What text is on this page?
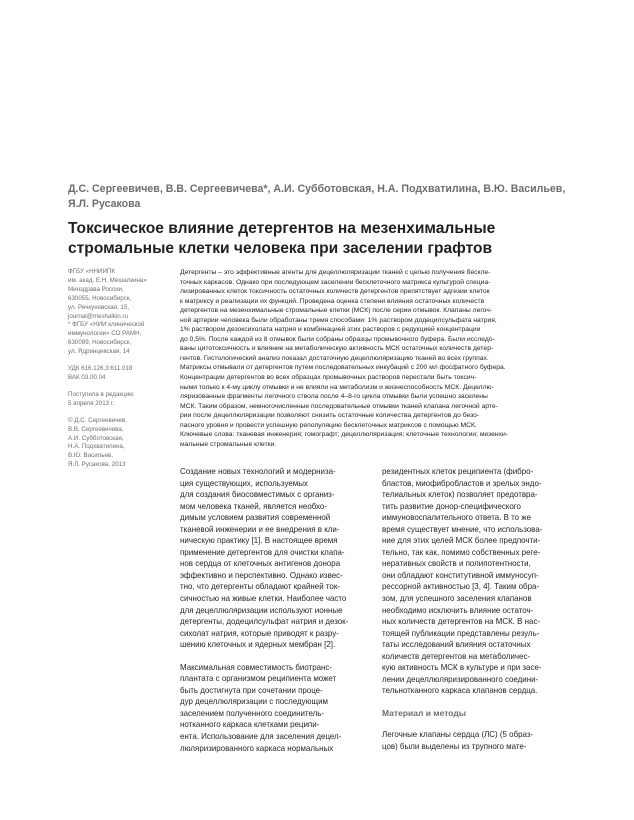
Д.С. Сергеевичев, В.В. Сергеевичева*, А.И. Субботовская, Н.А. Подхватилина, В.Ю. Васильев, Я.Л. Русакова
Токсическое влияние детергентов на мезенхимальные
стромальные клетки человека при заселении графтов

ФГБУ «ННИИПК
им. акад. Е.Н. Мешалкина»
Минздрава России,
630055, Новосибирск,
ул. Речкуновская, 15,
journal@meshalkin.ru
* ФГБУ «НИИ клинической
иммунологии» СО РАМН,
630099, Новосибирск,
ул. Ядринцевская, 14

УДК 616.126.3:611.018
ВАК 03.00.04

Поступила в редакцию
5 апреля 2013 г.

© Д.С. Сергеевичев,
В.В. Сергеевичева,
А.И. Субботовская,
Н.А. Подхватилина,
В.Ю. Васильев,
Я.Л. Русакова, 2013

Детергенты – это эффективные агенты для децеллюляризации тканей с целью получения бескле-
точных каркасов. Однако при последующем заселении бесклеточного матрикса культурой специа-
лизированных клеток токсичность остаточных количеств детергентов препятствует адгезии клеток
к матриксу и реализации их функций. Проведена оценка степени влияния остаточных количеств
детергентов на мезенхимальные стромальные клетки (МСК) после серии отмывок. Клапаны легоч-
ной артерии человека были обработаны тремя способами: 1% раствором додецилсульфата натрия,
1% раствором дезоксихолата натрия и комбинацией этих растворов с редукцией концентрации
до 0,5%. После каждой из 8 отмывок были собраны образцы промывочного буфера. Были исследо-
ваны цитотоксичность и влияние на метаболическую активность МСК остаточных количеств детер-
гентов. Гистологический анализ показал достаточную децеллюляризацию тканей во всех группах.
Матриксы отмывали от детергентов путем последовательных инкубаций с 200 мл фосфатного буфера.
Концентрации детергентов во всех образцах промывочных растворов перестали быть токсич-
ными только к 4-му циклу отмывки и не влияли на метаболизм и жизнеспособность МСК. Децеллю-
ляризованные фрагменты легочного ствола после 4–8-го цикла отмывки были успешно заселены
МСК. Таким образом, немногочисленные последовательные отмывки тканей клапана легочной арте-
рии после децеллюляризации позволяют снизить остаточные количества детергентов до безо-
пасного уровня и провести успешную репопуляцию бесклеточных матриксов с помощью МСК.
Ключевые слова: тканевая инженерия; гомографт; децеллюляризация; клеточные технологии; мезенхи-
мальные стромальные клетки.
Создание новых технологий и модерниза-
ция существующих, используемых
для создания биосовместимых с организ-
мом человека тканей, является необхо-
димым условием развития современной
тканевой инженерии и ее внедрения в кли-
ническую практику [1]. В настоящее время
применение детергентов для очистки клапа-
нов сердца от клеточных антигенов донора
эффективно и перспективно. Однако извес-
тно, что детергенты обладают крайней ток-
сичностью на живые клетки. Наиболее часто
для децеллюляризации используют ионные
детергенты, додецилсульфат натрия и дезок-
сихолат натрия, которые приводят к разру-
шению клеточных и ядерных мембран [2].
Максимальная совместимость биотранс-
плантата с организмом реципиента может
быть достигнута при сочетании проце-
дур децеллюляризации с последующим
заселением полученного соединитель-
нотканного каркаса клетками реципи-
ента. Использование для заселения децел-
люляризированного каркаса нормальных
резидентных клеток реципиента (фибро-
бластов, миофибробластов и зрелых эндо-
телиальных клеток) позволяет предотвра-
тить развитие донор-специфического
иммуновоспалительного ответа. В то же
время существует мнение, что использова-
ние для этих целей МСК более предпочти-
тельно, так как, помимо собственных реге-
неративных свойств и полипотентности,
они обладают конститутивной иммуносуп-
рессорной активностью [3, 4]. Таким обра-
зом, для успешного заселения клапанов
необходимо исключить влияние остаточ-
ных количеств детергентов на МСК. В нас-
тоящей публикации представлены резуль-
таты исследований влияния остаточных
количеств детергентов на метаболичес-
кую активность МСК в культуре и при засе-
лении децеллюляризированного соедини-
тельнотканного каркаса клапанов сердца.
Материал и методы
Легочные клапаны сердца (ЛС) (5 образ-
цов) были выделены из трупного мате-
